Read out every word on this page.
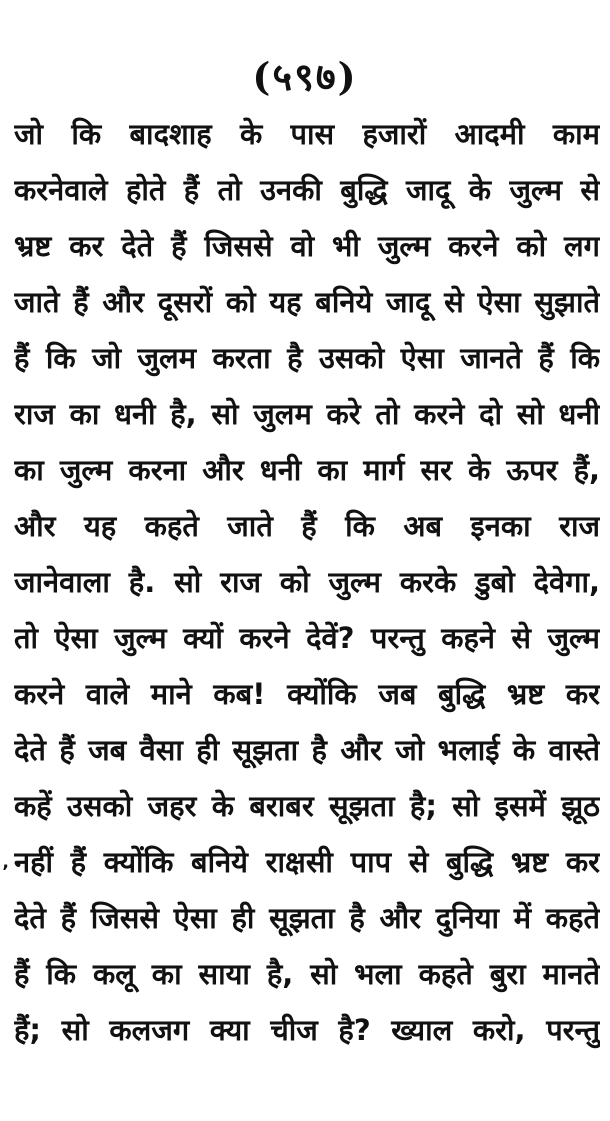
(५९७)
‚
जो कि बादशाह के पास हजारों आदमी काम
करनेवाले होते हैं तो उनकी बुद्धि जादू के जुल्म से
भ्रष्ट कर देते हैं जिससे वो भी जुल्म करने को लग
जाते हैं और दूसरों को यह बनिये जादू से ऐसा सुझाते
हैं कि जो जुलम करता है उसको ऐसा जानते हैं कि
राज का धनी है, सो जुलम करे तो करने दो सो धनी
का जुल्म करना और धनी का मार्ग सर के ऊपर हैं,
और यह कहते जाते हैं कि अब इनका राज
जानेवाला है. सो राज को जुल्म करके डुबो देवेगा,
तो ऐसा जुल्म क्यों करने देवें? परन्तु कहने से जुल्म
करने वाले माने कब! क्योंकि जब बुद्धि भ्रष्ट कर
देते हैं जब वैसा ही सूझता है और जो भलाई के वास्ते
कहें उसको जहर के बराबर सूझता है; सो इसमें झूठ
नहीं हैं क्योंकि बनिये राक्षसी पाप से बुद्धि भ्रष्ट कर
देते हैं जिससे ऐसा ही सूझता है और दुनिया में कहते
हैं कि कलू का साया है, सो भला कहते बुरा मानते
हैं; सो कलजग क्या चीज है? ख्याल करो, परन्तु
